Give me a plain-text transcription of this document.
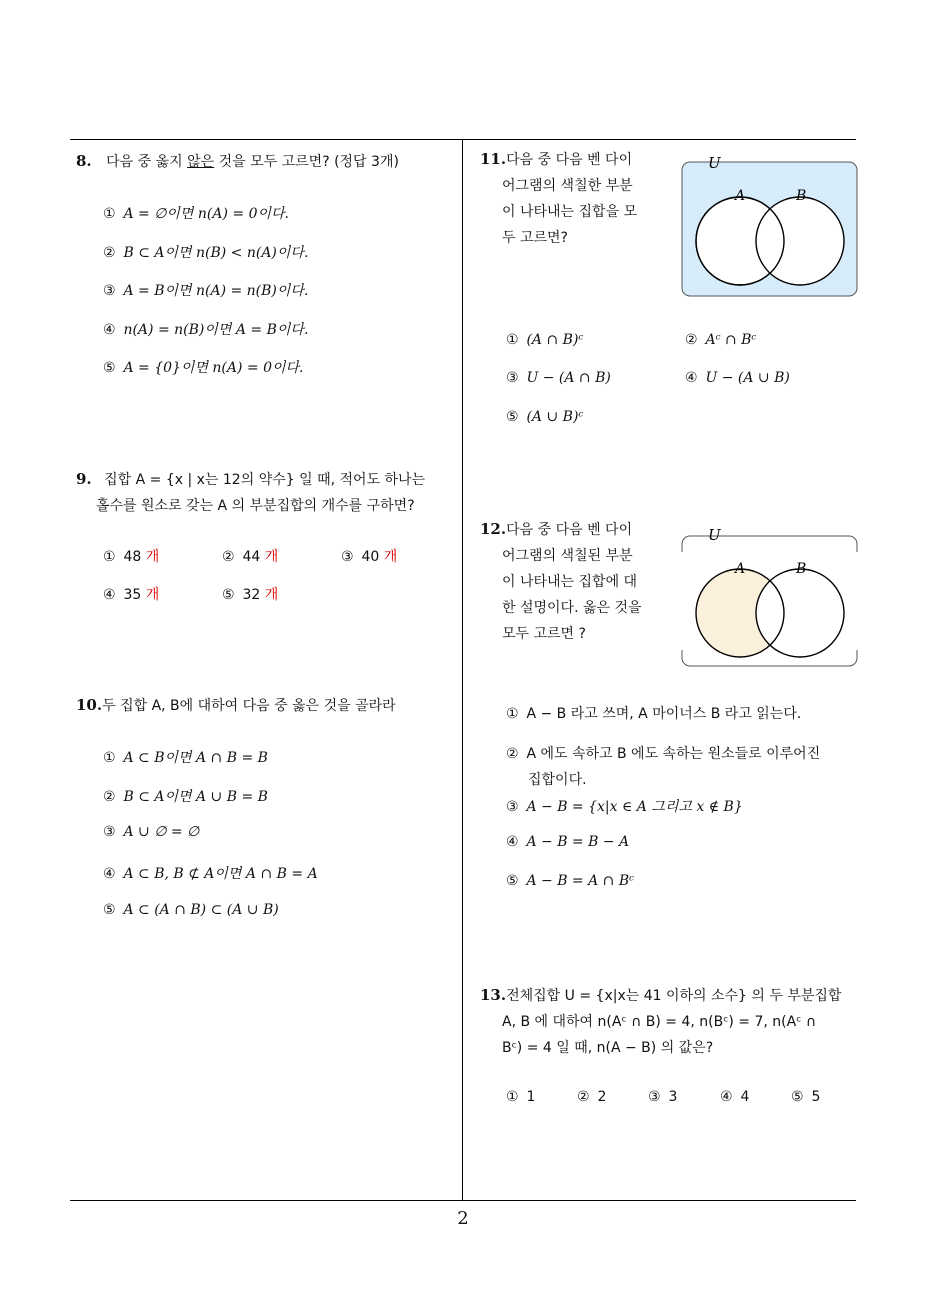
8. 다음 중 옳지 않은 것을 모두 고르면? (정답 3개)
① A = ∅이면 n(A) = 0이다.
② B ⊂ A이면 n(B) < n(A)이다.
③ A = B이면 n(A) = n(B)이다.
④ n(A) = n(B)이면 A = B이다.
⑤ A = {0}이면 n(A) = 0이다.
9. 집합 A = {x | x는 12의 약수} 일 때, 적어도 하나는
홀수를 원소로 갖는 A 의 부분집합의 개수를 구하면?
① 48 개	② 44 개	③ 40 개
④ 35 개	⑤ 32 개
10.두 집합 A, B에 대하여 다음 중 옳은 것을 골라라
① A ⊂ B이면 A ∩ B = B
② B ⊂ A이면 A ∪ B = B
③ A ∪ ∅ = ∅
④ A ⊂ B, B ⊄ A이면 A ∩ B = A
⑤ A ⊂ (A ∩ B) ⊂ (A ∪ B)
11.다음 중 다음 벤 다이
어그램의 색칠한 부분
이 나타내는 집합을 모
두 고르면?
U
A	B
① (A ∩ B)ᶜ	② Aᶜ ∩ Bᶜ
③ U − (A ∩ B)	④ U − (A ∪ B)
⑤ (A ∪ B)ᶜ
12.다음 중 다음 벤 다이
어그램의 색칠된 부분
이 나타내는 집합에 대
한 설명이다. 옳은 것을
모두 고르면 ?
U
A	B
① A − B 라고 쓰며, A 마이너스 B 라고 읽는다.
② A 에도 속하고 B 에도 속하는 원소들로 이루어진
집합이다.
③ A − B = {x|x ∈ A 그리고 x ∉ B}
④ A − B = B − A
⑤ A − B = A ∩ Bᶜ
13.전체집합 U = {x|x는 41 이하의 소수} 의 두 부분집합
A, B 에 대하여 n(Aᶜ ∩ B) = 4, n(Bᶜ) = 7, n(Aᶜ ∩
Bᶜ) = 4 일 때, n(A − B) 의 값은?
① 1	② 2	③ 3	④ 4	⑤ 5
2
